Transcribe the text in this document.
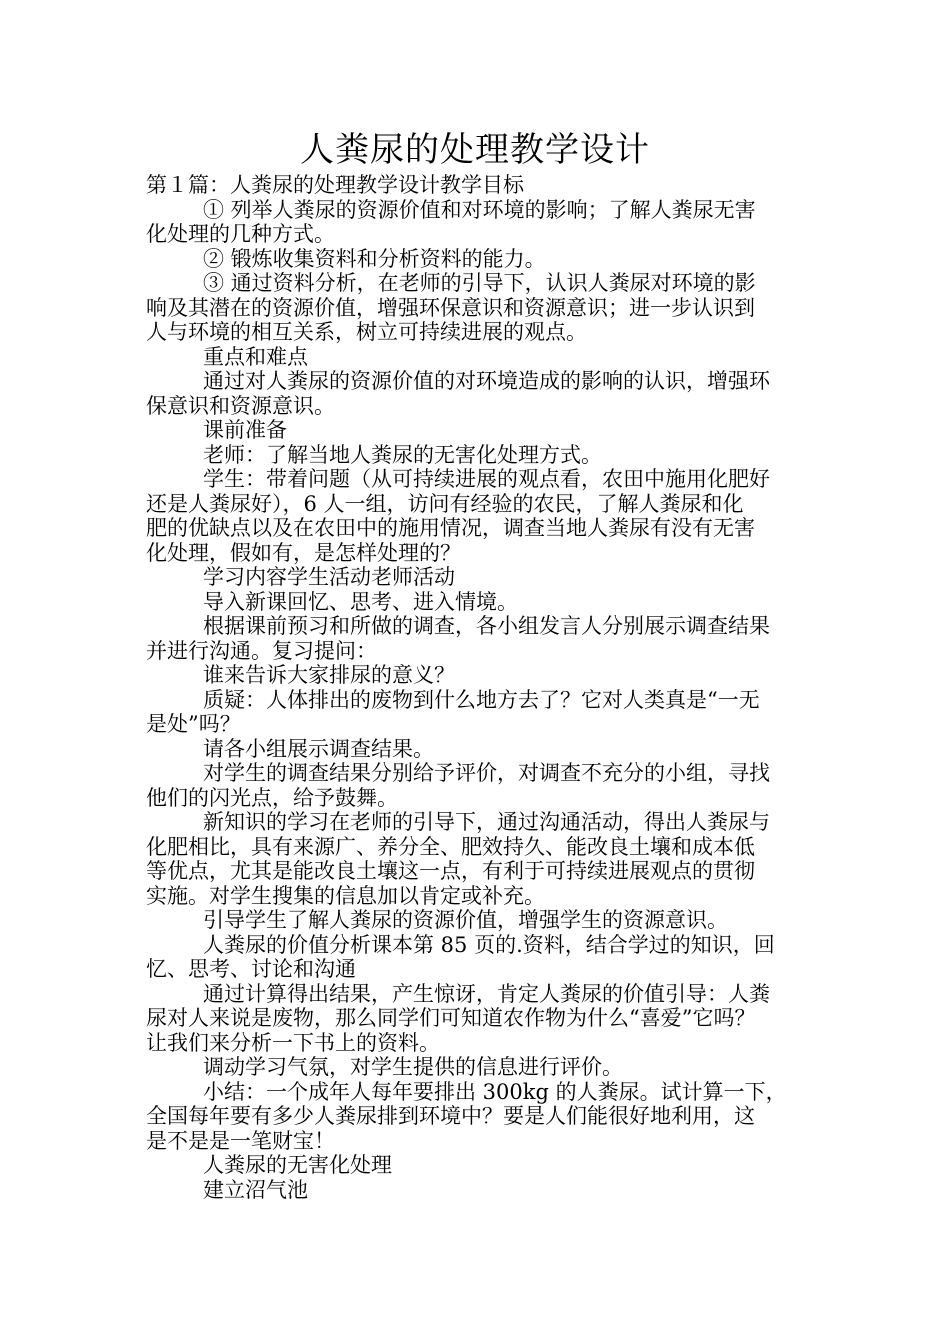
人粪尿的处理教学设计

第１篇：人粪尿的处理教学设计教学目标

① 列举人粪尿的资源价值和对环境的影响；了解人粪尿无害

化处理的几种方式。

② 锻炼收集资料和分析资料的能力。

③ 通过资料分析，在老师的引导下，认识人粪尿对环境的影

响及其潜在的资源价值，增强环保意识和资源意识；进一步认识到

人与环境的相互关系，树立可持续进展的观点。

重点和难点

通过对人粪尿的资源价值的对环境造成的影响的认识，增强环

保意识和资源意识。

课前准备

老师：了解当地人粪尿的无害化处理方式。

学生：带着问题（从可持续进展的观点看，农田中施用化肥好

还是人粪尿好），6 人一组，访问有经验的农民，了解人粪尿和化

肥的优缺点以及在农田中的施用情况，调查当地人粪尿有没有无害

化处理，假如有，是怎样处理的？

学习内容学生活动老师活动

导入新课回忆、思考、进入情境。

根据课前预习和所做的调查，各小组发言人分别展示调查结果

并进行沟通。复习提问：

谁来告诉大家排尿的意义？

质疑：人体排出的废物到什么地方去了？它对人类真是“一无

是处”吗？

请各小组展示调查结果。

对学生的调查结果分别给予评价，对调查不充分的小组，寻找

他们的闪光点，给予鼓舞。

新知识的学习在老师的引导下，通过沟通活动，得出人粪尿与

化肥相比，具有来源广、养分全、肥效持久、能改良土壤和成本低

等优点，尤其是能改良土壤这一点，有利于可持续进展观点的贯彻

实施。对学生搜集的信息加以肯定或补充。

引导学生了解人粪尿的资源价值，增强学生的资源意识。

人粪尿的价值分析课本第 85 页的.资料，结合学过的知识，回

忆、思考、讨论和沟通

通过计算得出结果，产生惊讶，肯定人粪尿的价值引导：人粪

尿对人来说是废物，那么同学们可知道农作物为什么“喜爱”它吗？

让我们来分析一下书上的资料。

调动学习气氛，对学生提供的信息进行评价。

小结：一个成年人每年要排出 300kg 的人粪尿。试计算一下，

全国每年要有多少人粪尿排到环境中？要是人们能很好地利用，这

是不是是一笔财宝！

人粪尿的无害化处理

建立沼气池
